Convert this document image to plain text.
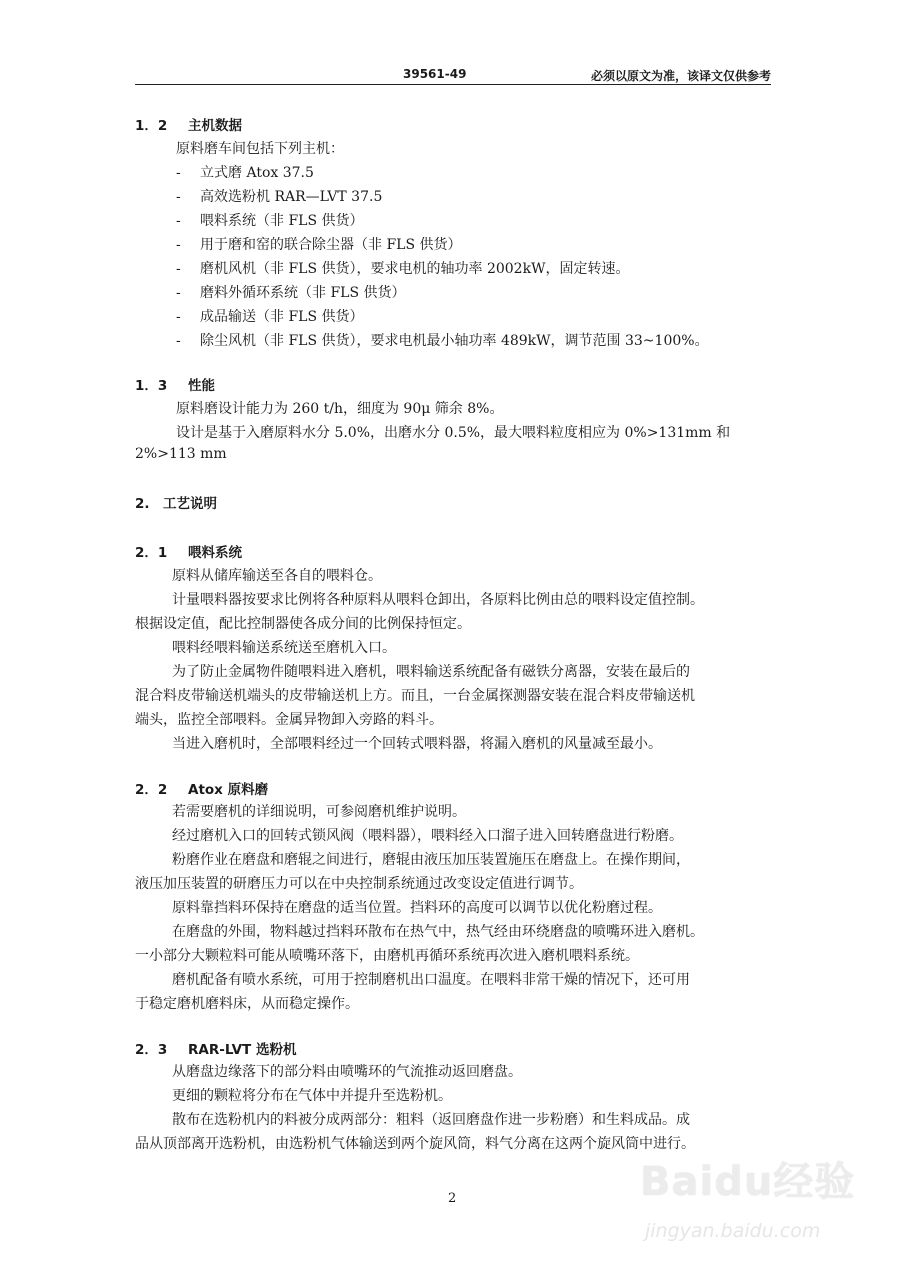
39561-49	必须以原文为准，该译文仅供参考
1．2 主机数据
原料磨车间包括下列主机：
- 立式磨 Atox 37.5
- 高效选粉机 RAR—LVT 37.5
- 喂料系统（非 FLS 供货）
- 用于磨和窑的联合除尘器（非 FLS 供货）
- 磨机风机（非 FLS 供货），要求电机的轴功率 2002kW，固定转速。
- 磨料外循环系统（非 FLS 供货）
- 成品输送（非 FLS 供货）
- 除尘风机（非 FLS 供货），要求电机最小轴功率 489kW，调节范围 33~100%。
1．3 性能
原料磨设计能力为 260 t/h，细度为 90μ 筛余 8%。
设计是基于入磨原料水分 5.0%，出磨水分 0.5%，最大喂料粒度相应为 0%>131mm 和
2%>113 mm
2. 工艺说明
2．1 喂料系统
原料从储库输送至各自的喂料仓。
计量喂料器按要求比例将各种原料从喂料仓卸出，各原料比例由总的喂料设定值控制。
根据设定值，配比控制器使各成分间的比例保持恒定。
喂料经喂料输送系统送至磨机入口。
为了防止金属物件随喂料进入磨机，喂料输送系统配备有磁铁分离器，安装在最后的
混合料皮带输送机端头的皮带输送机上方。而且，一台金属探测器安装在混合料皮带输送机
端头，监控全部喂料。金属异物卸入旁路的料斗。
当进入磨机时，全部喂料经过一个回转式喂料器，将漏入磨机的风量减至最小。
2．2 Atox 原料磨
若需要磨机的详细说明，可参阅磨机维护说明。
经过磨机入口的回转式锁风阀（喂料器），喂料经入口溜子进入回转磨盘进行粉磨。
粉磨作业在磨盘和磨辊之间进行，磨辊由液压加压装置施压在磨盘上。在操作期间，
液压加压装置的研磨压力可以在中央控制系统通过改变设定值进行调节。
原料靠挡料环保持在磨盘的适当位置。挡料环的高度可以调节以优化粉磨过程。
在磨盘的外围，物料越过挡料环散布在热气中，热气经由环绕磨盘的喷嘴环进入磨机。
一小部分大颗粒料可能从喷嘴环落下，由磨机再循环系统再次进入磨机喂料系统。
磨机配备有喷水系统，可用于控制磨机出口温度。在喂料非常干燥的情况下，还可用
于稳定磨机磨料床，从而稳定操作。
2．3 RAR-LVT 选粉机
从磨盘边缘落下的部分料由喷嘴环的气流推动返回磨盘。
更细的颗粒将分布在气体中并提升至选粉机。
散布在选粉机内的料被分成两部分：粗料（返回磨盘作进一步粉磨）和生料成品。成
品从顶部离开选粉机，由选粉机气体输送到两个旋风筒，料气分离在这两个旋风筒中进行。
2	Baidu经验
jingyan.baidu.com
